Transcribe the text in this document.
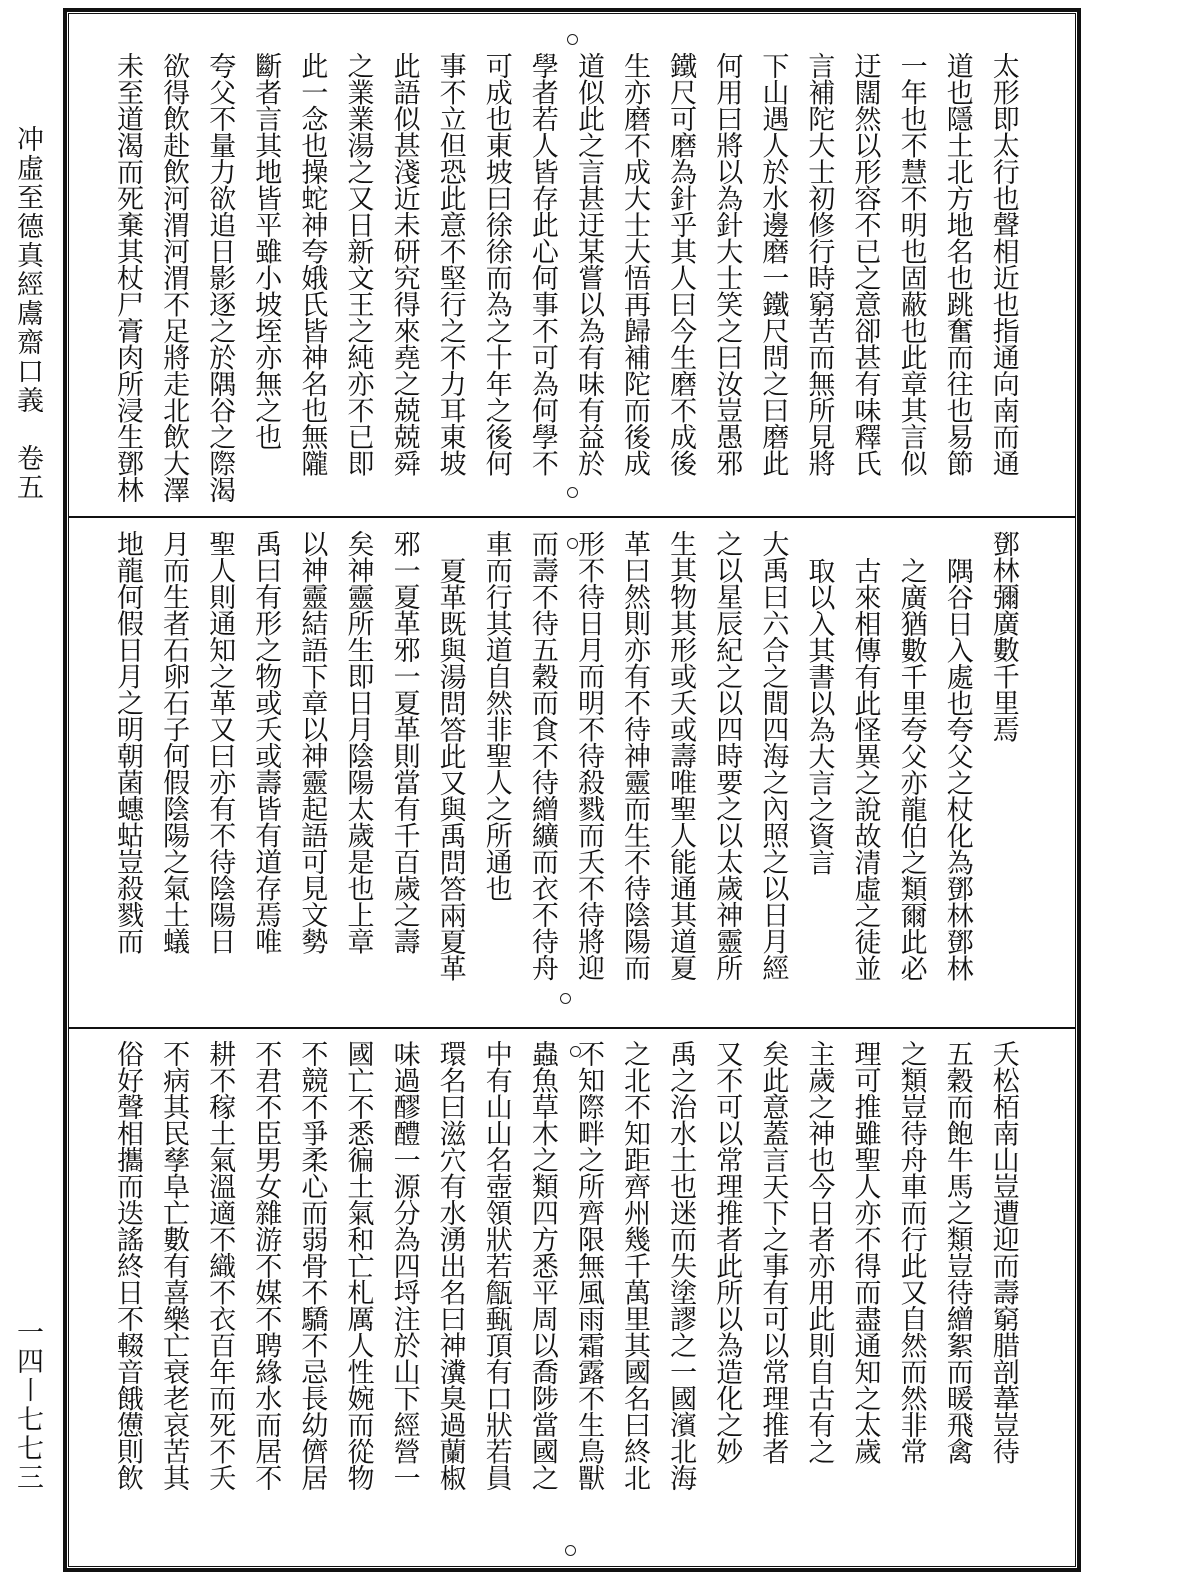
冲虛至德真經鬳齋口義　卷五
一四〡七七三
太形即太行也聲相近也指通向南而通
道也隱土北方地名也跳奮而往也易節
一年也不慧不明也固蔽也此章其言似
迂闊然以形容不已之意卻甚有味釋氏
言補陀大士初修行時窮苦而無所見將
下山遇人於水邊磨一鐵尺問之曰磨此
何用曰將以為針大士笑之曰汝豈愚邪
鐵尺可磨為針乎其人曰今生磨不成後
生亦磨不成大士大悟再歸補陀而後成
道似此之言甚迂某嘗以為有味有益於
學者若人皆存此心何事不可為何學不
可成也東坡曰徐徐而為之十年之後何
事不立但恐此意不堅行之不力耳東坡
此語似甚淺近未研究得來堯之兢兢舜
之業業湯之又日新文王之純亦不已即
此一念也操蛇神夸娥氏皆神名也無隴
斷者言其地皆平雖小坡垤亦無之也
夸父不量力欲追日影逐之於隅谷之際渴
欲得飲赴飲河渭河渭不足將走北飲大澤
未至道渴而死棄其杖尸膏肉所浸生鄧林
鄧林彌廣數千里焉
隅谷日入處也夸父之杖化為鄧林鄧林
之廣猶數千里夸父亦龍伯之類爾此必
古來相傳有此怪異之說故清虛之徒並
取以入其書以為大言之資言
大禹曰六合之間四海之內照之以日月經
之以星辰紀之以四時要之以太歲神靈所
生其物其形或夭或壽唯聖人能通其道夏
革曰然則亦有不待神靈而生不待陰陽而
形不待日月而明不待殺戮而夭不待將迎
而壽不待五穀而食不待繒纊而衣不待舟
車而行其道自然非聖人之所通也
夏革既與湯問答此又與禹問答兩夏革
邪一夏革邪一夏革則當有千百歲之壽
矣神靈所生即日月陰陽太歲是也上章
以神靈結語下章以神靈起語可見文勢
禹曰有形之物或夭或壽皆有道存焉唯
聖人則通知之革又曰亦有不待陰陽日
月而生者石卵石子何假陰陽之氣土蟻
地龍何假日月之明朝菌蟪蛄豈殺戮而
夭松栢南山豈遭迎而壽窮腊剖葦豈待
五穀而飽牛馬之類豈待繒絮而暖飛禽
之類豈待舟車而行此又自然而然非常
理可推雖聖人亦不得而盡通知之太歲
主歲之神也今日者亦用此則自古有之
矣此意蓋言天下之事有可以常理推者
又不可以常理推者此所以為造化之妙
禹之治水土也迷而失塗謬之一國濱北海
之北不知距齊州幾千萬里其國名曰終北
不知際畔之所齊限無風雨霜露不生鳥獸
蟲魚草木之類四方悉平周以喬陟當國之
中有山山名壺領狀若甔甀頂有口狀若員
環名曰滋穴有水湧出名曰神瀵臭過蘭椒
味過醪醴一源分為四埒注於山下經營一
國亡不悉徧土氣和亡札厲人性婉而從物
不競不爭柔心而弱骨不驕不忌長幼儕居
不君不臣男女雜游不媒不聘緣水而居不
耕不稼土氣溫適不織不衣百年而死不夭
不病其民孳阜亡數有喜樂亡衰老哀苦其
俗好聲相攜而迭謠終日不輟音餓憊則飲
